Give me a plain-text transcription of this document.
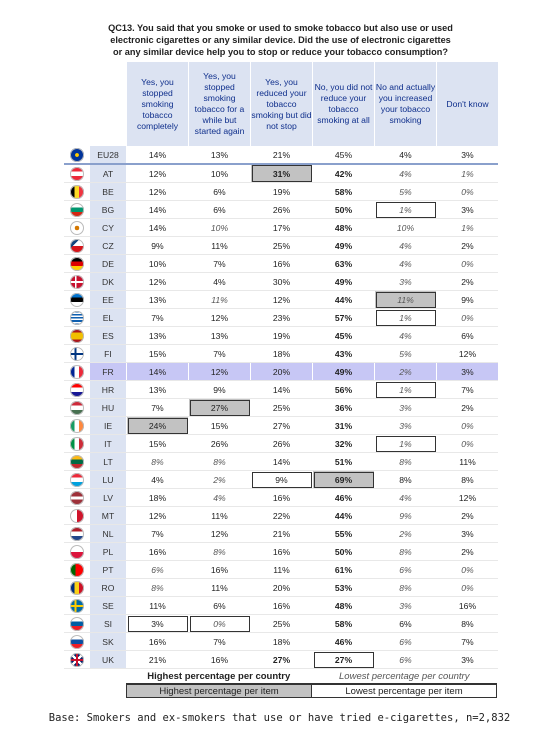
QC13. You said that you smoke or used to smoke tobacco but also use or used electronic cigarettes or any similar device. Did the use of electronic cigarettes or any similar device help you to stop or reduce your tobacco consumption?
		Yes, you stopped smoking tobacco completely	Yes, you stopped smoking tobacco for a while but started again	Yes, you reduced your tobacco smoking but did not stop	No, you did not reduce your tobacco smoking at all	No and actually you increased your tobacco smoking	Don't know
	EU28	14%	13%	21%	45%	4%	3%
	AT	12%	10%	31%	42%	4%	1%
	BE	12%	6%	19%	58%	5%	0%
	BG	14%	6%	26%	50%	1%	3%
	CY	14%	10%	17%	48%	10%	1%
	CZ	9%	11%	25%	49%	4%	2%
	DE	10%	7%	16%	63%	4%	0%
	DK	12%	4%	30%	49%	3%	2%
	EE	13%	11%	12%	44%	11%	9%
	EL	7%	12%	23%	57%	1%	0%
	ES	13%	13%	19%	45%	4%	6%
	FI	15%	7%	18%	43%	5%	12%
	FR	14%	12%	20%	49%	2%	3%
	HR	13%	9%	14%	56%	1%	7%
	HU	7%	27%	25%	36%	3%	2%
	IE	24%	15%	27%	31%	3%	0%
	IT	15%	26%	26%	32%	1%	0%
	LT	8%	8%	14%	51%	8%	11%
	LU	4%	2%	9%	69%	8%	8%
	LV	18%	4%	16%	46%	4%	12%
	MT	12%	11%	22%	44%	9%	2%
	NL	7%	12%	21%	55%	2%	3%
	PL	16%	8%	16%	50%	8%	2%
	PT	6%	16%	11%	61%	6%	0%
	RO	8%	11%	20%	53%	8%	0%
	SE	11%	6%	16%	48%	3%	16%
	SI	3%	0%	25%	58%	6%	8%
	SK	16%	7%	18%	46%	6%	7%
	UK	21%	16%	27%	27%	6%	3%
Highest percentage per country	Lowest percentage per country
Highest percentage per item	Lowest percentage per item
Base: Smokers and ex-smokers that use or have tried e-cigarettes, n=2,832
